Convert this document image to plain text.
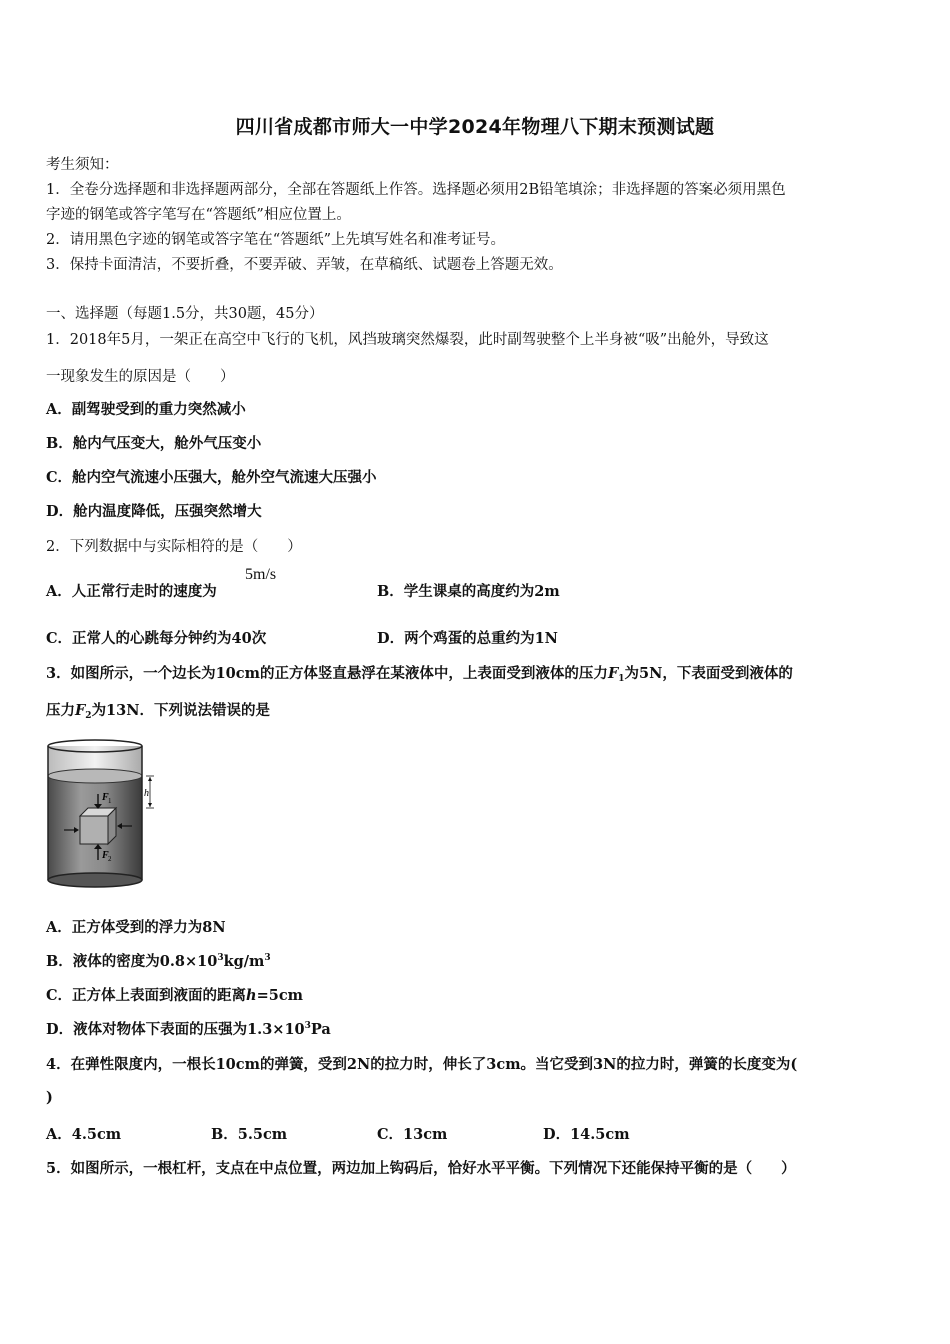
四川省成都市师大一中学2024年物理八下期末预测试题
考生须知：
1．全卷分选择题和非选择题两部分，全部在答题纸上作答。选择题必须用2B铅笔填涂；非选择题的答案必须用黑色
字迹的钢笔或答字笔写在“答题纸”相应位置上。
2．请用黑色字迹的钢笔或答字笔在“答题纸”上先填写姓名和准考证号。
3．保持卡面清洁，不要折叠，不要弄破、弄皱，在草稿纸、试题卷上答题无效。
一、选择题（每题1.5分，共30题，45分）
1．2018年5月，一架正在高空中飞行的飞机，风挡玻璃突然爆裂，此时副驾驶整个上半身被“吸”出舱外，导致这
一现象发生的原因是（　　）
A．副驾驶受到的重力突然减小
B．舱内气压变大，舱外气压变小
C．舱内空气流速小压强大，舱外空气流速大压强小
D．舱内温度降低，压强突然增大
2．下列数据中与实际相符的是（　　）
A．人正常行走时的速度为
5m/s
B．学生课桌的高度约为2m
C．正常人的心跳每分钟约为40次	D．两个鸡蛋的总重约为1N
3．如图所示，一个边长为10cm的正方体竖直悬浮在某液体中，上表面受到液体的压力$F_1$为5N，下表面受到液体的
压力$F_2$为13N．下列说法错误的是
h
F 1
F 2
A．正方体受到的浮力为8N
B．液体的密度为$0.8\times 10^3kg/m^3$
C．正方体上表面到液面的距离h=5cm
D．液体对物体下表面的压强为$1.3\times 10^3Pa$
4．在弹性限度内，一根长10cm的弹簧，受到2N的拉力时，伸长了3cm。当它受到3N的拉力时，弹簧的长度变为(
)
A．4.5cm	B．5.5cm	C．13cm	D．14.5cm
5．如图所示，一根杠杆，支点在中点位置，两边加上钩码后，恰好水平平衡。下列情况下还能保持平衡的是（　　）
